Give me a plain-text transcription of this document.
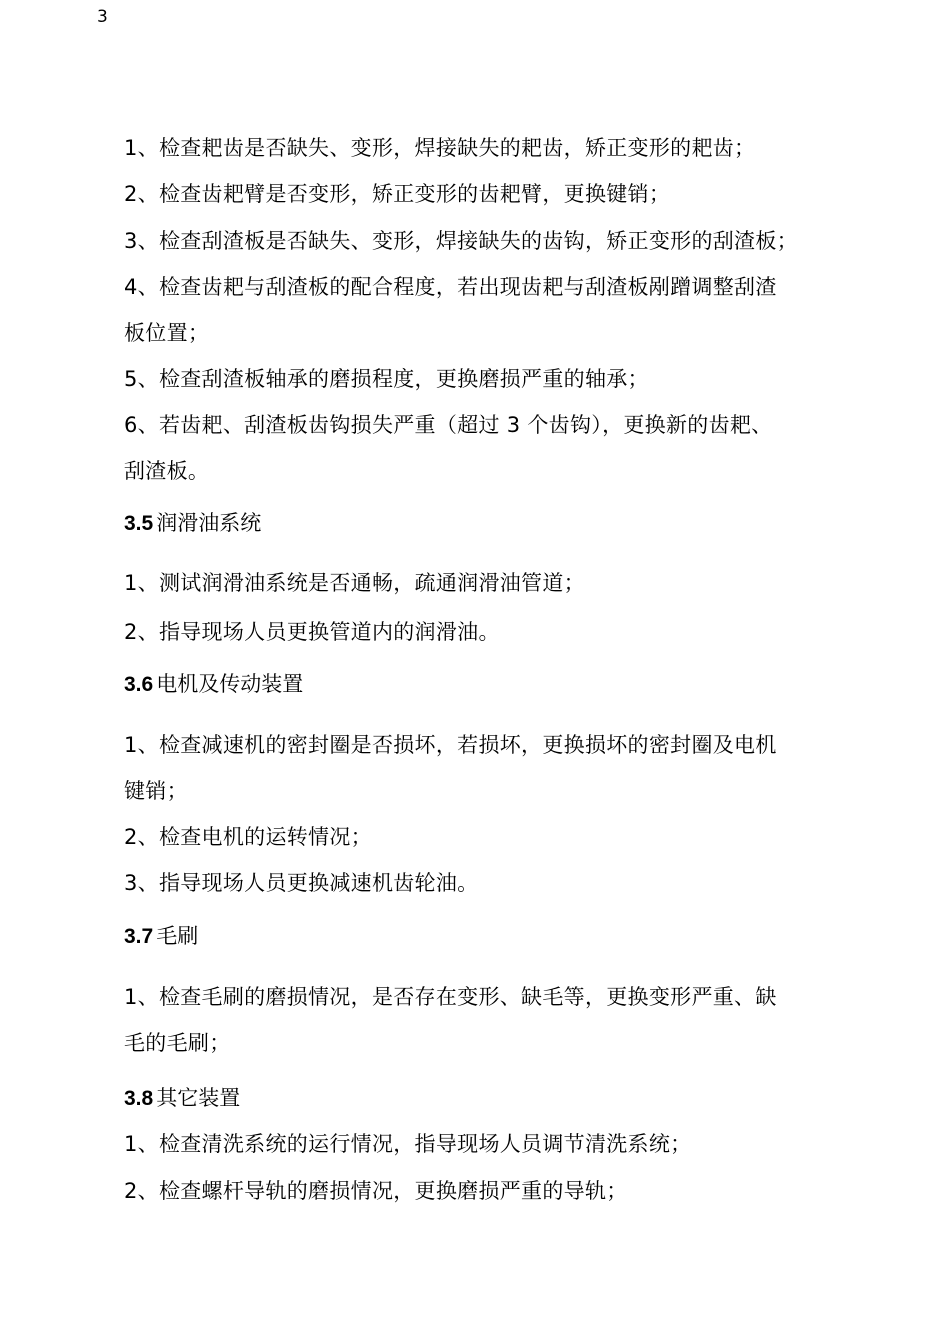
3
1、检查耙齿是否缺失、变形，焊接缺失的耙齿，矫正变形的耙齿；
2、检查齿耙臂是否变形，矫正变形的齿耙臂，更换键销；
3、检查刮渣板是否缺失、变形，焊接缺失的齿钩，矫正变形的刮渣板；
4、检查齿耙与刮渣板的配合程度，若出现齿耙与刮渣板剐蹭调整刮渣
板位置；
5、检查刮渣板轴承的磨损程度，更换磨损严重的轴承；
6、若齿耙、刮渣板齿钩损失严重（超过 3 个齿钩），更换新的齿耙、
刮渣板。
3.5 润滑油系统
1、测试润滑油系统是否通畅，疏通润滑油管道；
2、指导现场人员更换管道内的润滑油。
3.6 电机及传动装置
1、检查减速机的密封圈是否损坏，若损坏，更换损坏的密封圈及电机
键销；
2、检查电机的运转情况；
3、指导现场人员更换减速机齿轮油。
3.7 毛刷
1、检查毛刷的磨损情况，是否存在变形、缺毛等，更换变形严重、缺
毛的毛刷；
3.8 其它装置
1、检查清洗系统的运行情况，指导现场人员调节清洗系统；
2、检查螺杆导轨的磨损情况，更换磨损严重的导轨；
